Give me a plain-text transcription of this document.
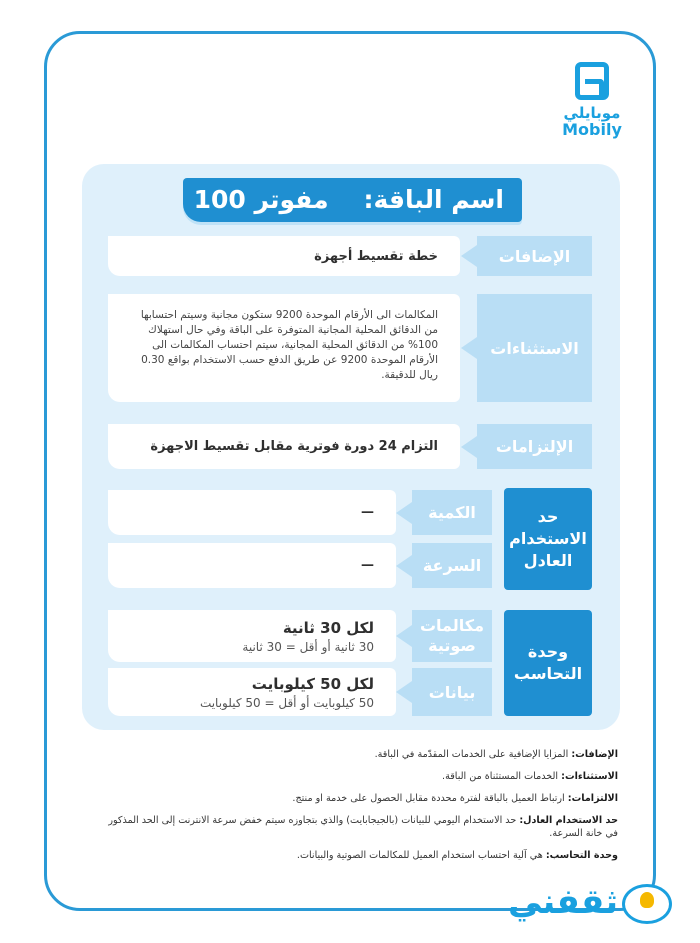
موبايلي
Mobily
اسم الباقة:    مفوتر 100
الإضافات
خطة تقسيط أجهزة
الاستثناءات
المكالمات الى الأرقام الموحدة 9200 ستكون مجانية وسيتم احتسابها من الدقائق المحلية المجانية المتوفرة على الباقة وفي حال استهلاك 100% من الدقائق المحلية المجانية، سيتم احتساب المكالمات الى الأرقام الموحدة 9200 عن طريق الدفع حسب الاستخدام بواقع 0.30 ريال للدقيقة.
الإلتزامات
التزام 24 دورة فوترية مقابل تقسيط الاجهزة
حد الاستخدام العادل
الكمية
—
السرعة
—
وحدة التحاسب
مكالمات صوتية
لكل 30 ثانية
30 ثانية أو أقل = 30 ثانية
بيانات
لكل 50 كيلوبايت
50 كيلوبايت أو أقل = 50 كيلوبايت
الإضافات: المزايا الإضافية على الخدمات المقدّمة في الباقة.
الاستثناءات: الخدمات المستثناة من الباقة.
الالتزامات: ارتباط العميل بالباقة لفترة محددة مقابل الحصول على خدمة او منتج.
حد الاستخدام العادل: حد الاستخدام اليومي للبيانات (بالجيجابايت) والذي بتجاوزه سيتم خفض سرعة الانترنت إلى الحد المذكور في خانة السرعة.
وحدة التحاسب: هي آلية احتساب استخدام العميل للمكالمات الصوتية والبيانات.
ثقفني
